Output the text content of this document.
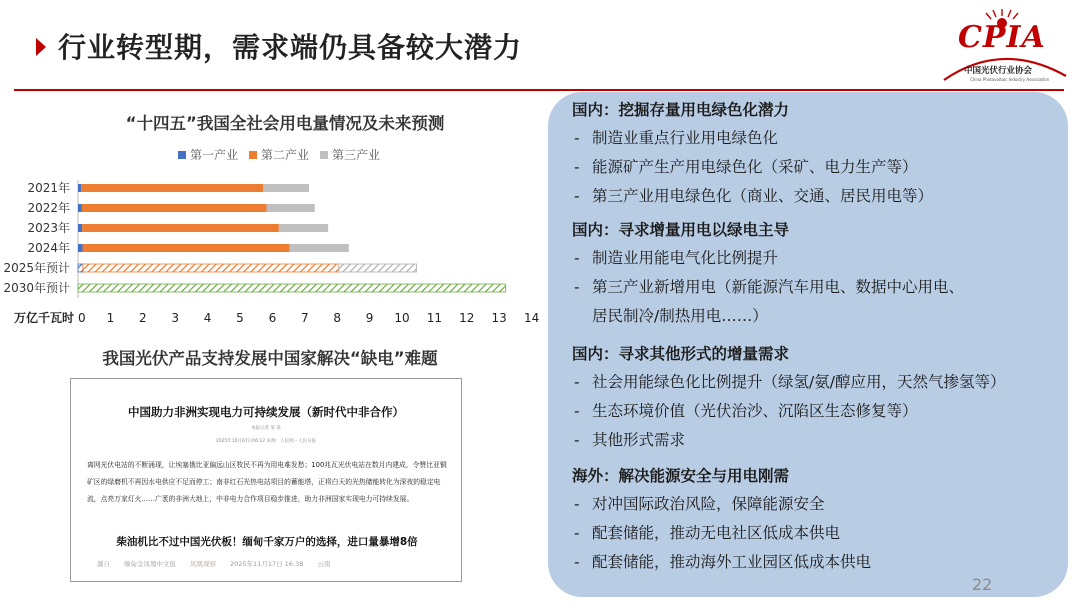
行业转型期，需求端仍具备较大潜力	CPIA
中国光伏行业协会
China Photovoltaic Industry Association
“十四五”我国全社会用电量情况及未来预测
第一产业 第二产业 第三产业
2021年
2022年
2023年
2024年
2025年预计
2030年预计
万亿千瓦时 0 1 2 3 4 5 6 7 8 9 10 11 12 13 14
我国光伏产品支持发展中国家解决“缺电”难题
中国助力非洲实现电力可持续发展（新时代中非合作）
本报记者 某 某
2025年10月07日06:12 来源：人民网－人民日报
离网光伏电站的不断涌现，让埃塞俄比亚偏远山区牧民不再为用电难发愁；100兆瓦光伏电站在数月内建成，令赞比亚铜矿区的绿磨机不再因水电供应不足而停工；南非红石光热电站项目的蓄能塔，正将白天的光热储能转化为深夜的稳定电流，点亮万家灯火……广袤的非洲大地上，中非电力合作项目稳步推进，助力非洲国家实现电力可持续发展。
柴油机比不过中国光伏板！缅甸千家万户的选择，进口量暴增8倍
源自 缅甸金凤凰中文报 凤凰观察 2025年11月17日 16:38 云南
国内：挖掘存量用电绿色化潜力
- 制造业重点行业用电绿色化
- 能源矿产生产用电绿色化（采矿、电力生产等）
- 第三产业用电绿色化（商业、交通、居民用电等）
国内：寻求增量用电以绿电主导
- 制造业用能电气化比例提升
- 第三产业新增用电（新能源汽车用电、数据中心用电、
居民制冷/制热用电……）
国内：寻求其他形式的增量需求
- 社会用能绿色化比例提升（绿氢/氨/醇应用，天然气掺氢等）
- 生态环境价值（光伏治沙、沉陷区生态修复等）
- 其他形式需求
海外：解决能源安全与用电刚需
- 对冲国际政治风险，保障能源安全
- 配套储能，推动无电社区低成本供电
- 配套储能，推动海外工业园区低成本供电
22
